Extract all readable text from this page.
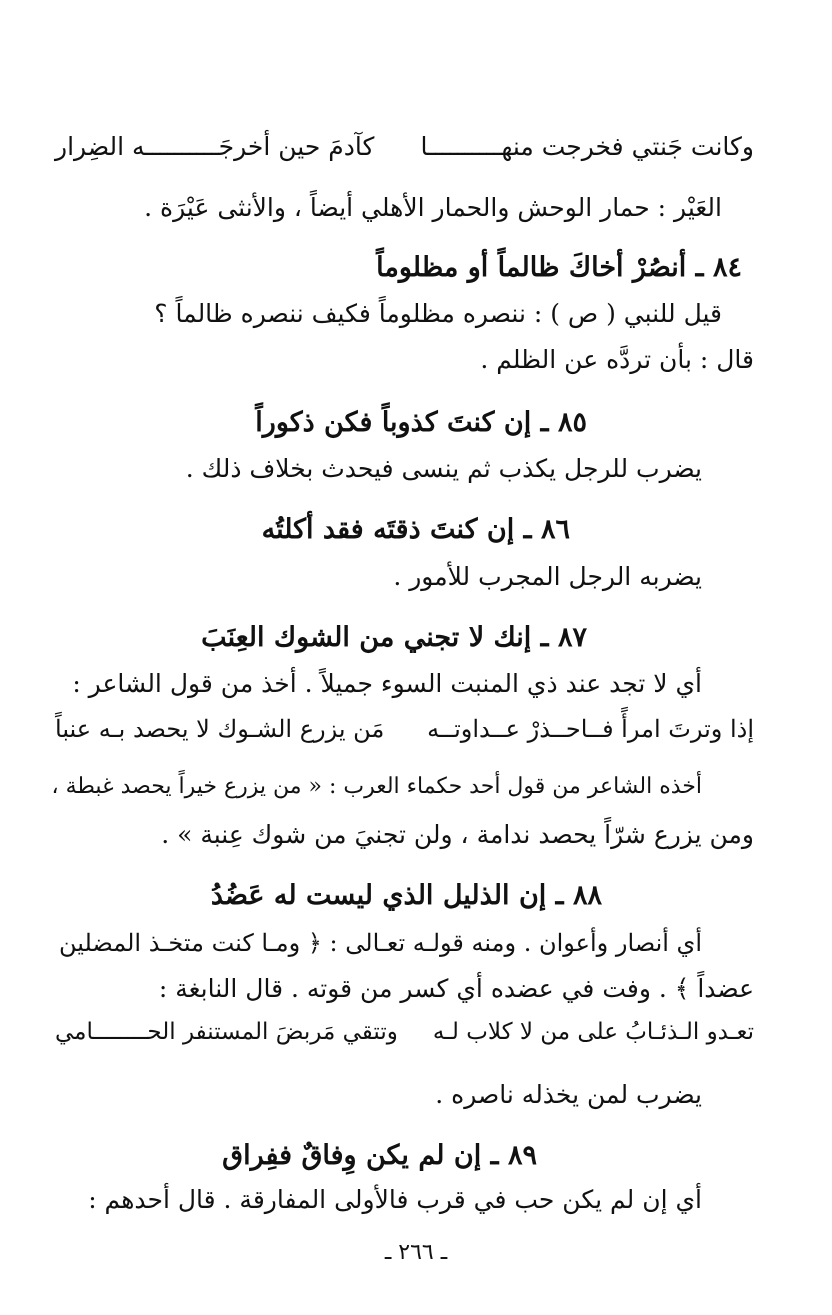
وكانت جَنتي فخرجت منهــــــــــا
كآدمَ حين أخرجَــــــــــه الضِرار
العَيْر : حمار الوحش والحمار الأهلي أيضاً ، والأنثى عَيْرَة .
٨٤ ـ أنصُرْ أخاكَ ظالماً أو مظلوماً
قيل للنبي ( ص ) : ننصره مظلوماً فكيف ننصره ظالماً ؟
قال : بأن تردَّه عن الظلم .
٨٥ ـ إن كنتَ كذوباً فكن ذكوراً
يضرب للرجل يكذب ثم ينسى فيحدث بخلاف ذلك .
٨٦ ـ إن كنتَ ذقتَه فقد أكلتُه
يضربه الرجل المجرب للأمور .
٨٧ ـ إنك لا تجني من الشوك العِنَبَ
أي لا تجد عند ذي المنبت السوء جميلاً . أخذ من قول الشاعر :
إذا وترتَ امرأً فــاحــذرْ عــداوتــه
مَن يزرع الشـوك لا يحصد بـه عنباً
أخذه الشاعر من قول أحد حكماء العرب : « من يزرع خيراً يحصد غبطة ،
ومن يزرع شرّاً يحصد ندامة ، ولن تجنيَ من شوك عِنبة » .
٨٨ ـ إن الذليل الذي ليست له عَضُدُ
أي أنصار وأعوان . ومنه قولـه تعـالى : ﴿ ومـا كنت متخـذ المضلين
عضداً ﴾ . وفت في عضده أي كسر من قوته . قال النابغة :
تعـدو الـذئـابُ على من لا كلاب لـه
وتتقي مَربضَ المستنفر الحــــــــامي
يضرب لمن يخذله ناصره .
٨٩ ـ إن لم يكن وِفاقٌ ففِراق
أي إن لم يكن حب في قرب فالأولى المفارقة . قال أحدهم :
ـ ٢٦٦ ـ
